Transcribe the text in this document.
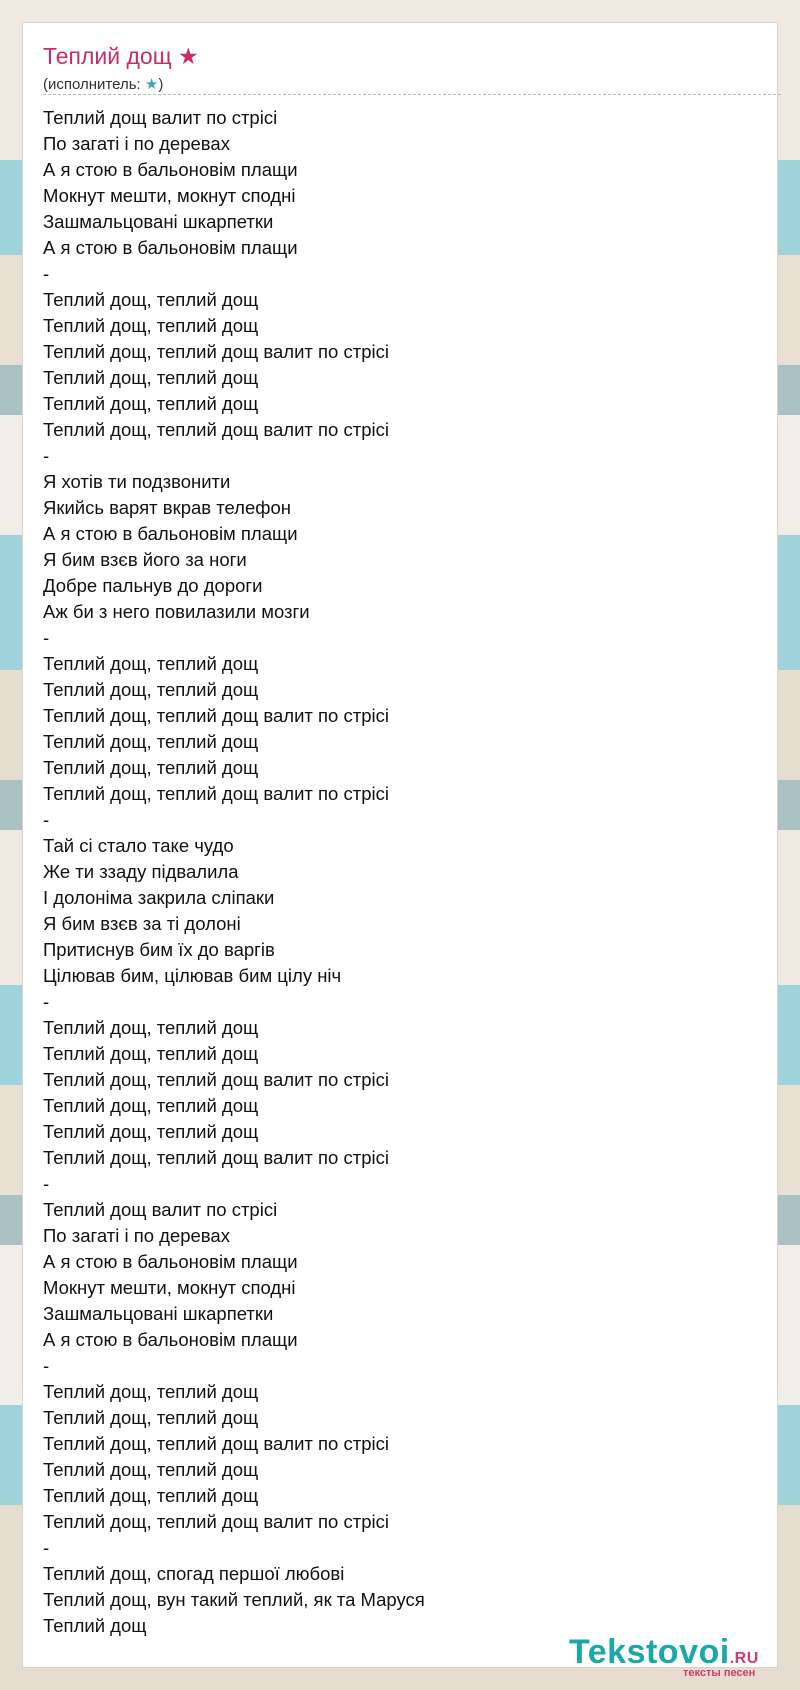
Теплий дощ ★
(исполнитель: ★)
Теплий дощ валит по стрісі
По загаті і по деревах
А я стою в бальоновім плащи
Мокнут мешти, мокнут сподні
Зашмальцовані шкарпетки
А я стою в бальоновім плащи
-
Теплий дощ, теплий дощ
Теплий дощ, теплий дощ
Теплий дощ, теплий дощ валит по стрісі
Теплий дощ, теплий дощ
Теплий дощ, теплий дощ
Теплий дощ, теплий дощ валит по стрісі
-
Я хотів ти подзвонити
Якийсь варят вкрав телефон
А я стою в бальоновім плащи
Я бим взєв його за ноги
Добре пальнув до дороги
Аж би з него повилазили мозги
-
Теплий дощ, теплий дощ
Теплий дощ, теплий дощ
Теплий дощ, теплий дощ валит по стрісі
Теплий дощ, теплий дощ
Теплий дощ, теплий дощ
Теплий дощ, теплий дощ валит по стрісі
-
Тай сі стало таке чудо
Же ти ззаду підвалила
І долоніма закрила сліпаки
Я бим взєв за ті долоні
Притиснув бим їх до варгів
Цілював бим, цілював бим цілу ніч
-
Теплий дощ, теплий дощ
Теплий дощ, теплий дощ
Теплий дощ, теплий дощ валит по стрісі
Теплий дощ, теплий дощ
Теплий дощ, теплий дощ
Теплий дощ, теплий дощ валит по стрісі
-
Теплий дощ валит по стрісі
По загаті і по деревах
А я стою в бальоновім плащи
Мокнут мешти, мокнут сподні
Зашмальцовані шкарпетки
А я стою в бальоновім плащи
-
Теплий дощ, теплий дощ
Теплий дощ, теплий дощ
Теплий дощ, теплий дощ валит по стрісі
Теплий дощ, теплий дощ
Теплий дощ, теплий дощ
Теплий дощ, теплий дощ валит по стрісі
-
Теплий дощ, спогад першої любові
Теплий дощ, вун такий теплий, як та Маруся
Теплий дощ
Tekstovoi.RU
тексты песен
